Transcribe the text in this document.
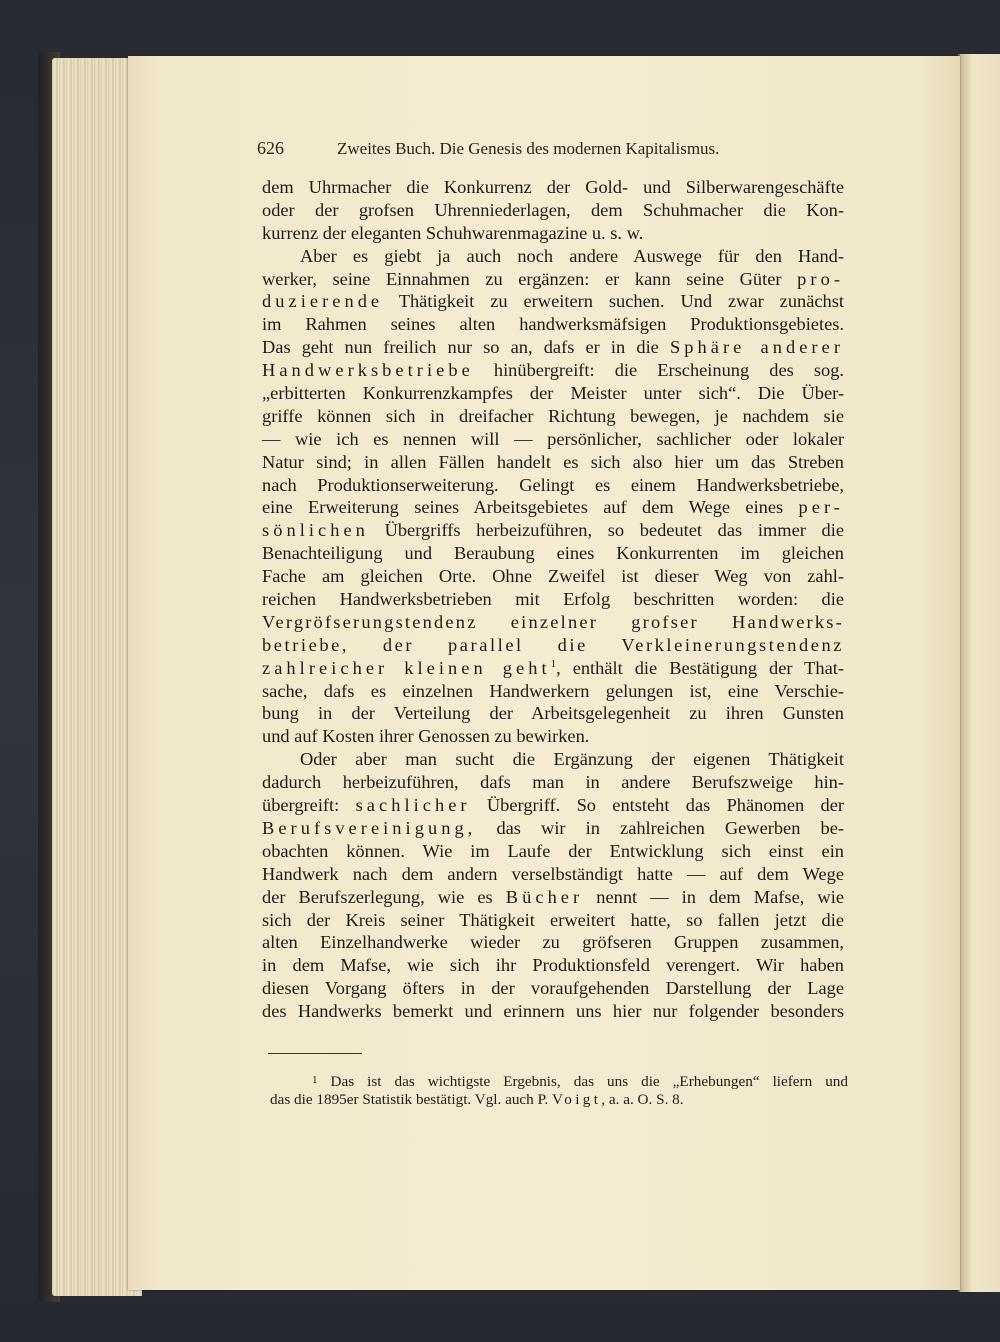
626	Zweites Buch. Die Genesis des modernen Kapitalismus.
dem Uhrmacher die Konkurrenz der Gold- und Silberwarengeschäfte
oder der grofsen Uhrenniederlagen, dem Schuhmacher die Kon-
kurrenz der eleganten Schuhwarenmagazine u. s. w.
Aber es giebt ja auch noch andere Auswege für den Hand-
werker, seine Einnahmen zu ergänzen: er kann seine Güter pro-
duzierende Thätigkeit zu erweitern suchen. Und zwar zunächst
im Rahmen seines alten handwerksmäfsigen Produktionsgebietes.
Das geht nun freilich nur so an, dafs er in die Sphäre anderer
Handwerksbetriebe hinübergreift: die Erscheinung des sog.
„erbitterten Konkurrenzkampfes der Meister unter sich“. Die Über-
griffe können sich in dreifacher Richtung bewegen, je nachdem sie
— wie ich es nennen will — persönlicher, sachlicher oder lokaler
Natur sind; in allen Fällen handelt es sich also hier um das Streben
nach Produktionserweiterung. Gelingt es einem Handwerksbetriebe,
eine Erweiterung seines Arbeitsgebietes auf dem Wege eines per-
sönlichen Übergriffs herbeizuführen, so bedeutet das immer die
Benachteiligung und Beraubung eines Konkurrenten im gleichen
Fache am gleichen Orte. Ohne Zweifel ist dieser Weg von zahl-
reichen Handwerksbetrieben mit Erfolg beschritten worden: die
Vergröfserungstendenz einzelner grofser Handwerks-
betriebe, der parallel die Verkleinerungstendenz
zahlreicher kleinen geht$^1$, enthält die Bestätigung der That-
sache, dafs es einzelnen Handwerkern gelungen ist, eine Verschie-
bung in der Verteilung der Arbeitsgelegenheit zu ihren Gunsten
und auf Kosten ihrer Genossen zu bewirken.
Oder aber man sucht die Ergänzung der eigenen Thätigkeit
dadurch herbeizuführen, dafs man in andere Berufszweige hin-
übergreift: sachlicher Übergriff. So entsteht das Phänomen der
Berufsvereinigung, das wir in zahlreichen Gewerben be-
obachten können. Wie im Laufe der Entwicklung sich einst ein
Handwerk nach dem andern verselbständigt hatte — auf dem Wege
der Berufszerlegung, wie es Bücher nennt — in dem Mafse, wie
sich der Kreis seiner Thätigkeit erweitert hatte, so fallen jetzt die
alten Einzelhandwerke wieder zu gröfseren Gruppen zusammen,
in dem Mafse, wie sich ihr Produktionsfeld verengert. Wir haben
diesen Vorgang öfters in der voraufgehenden Darstellung der Lage
des Handwerks bemerkt und erinnern uns hier nur folgender besonders
1 Das ist das wichtigste Ergebnis, das uns die „Erhebungen“ liefern und
das die 1895er Statistik bestätigt. Vgl. auch P. Voigt, a. a. O. S. 8.
